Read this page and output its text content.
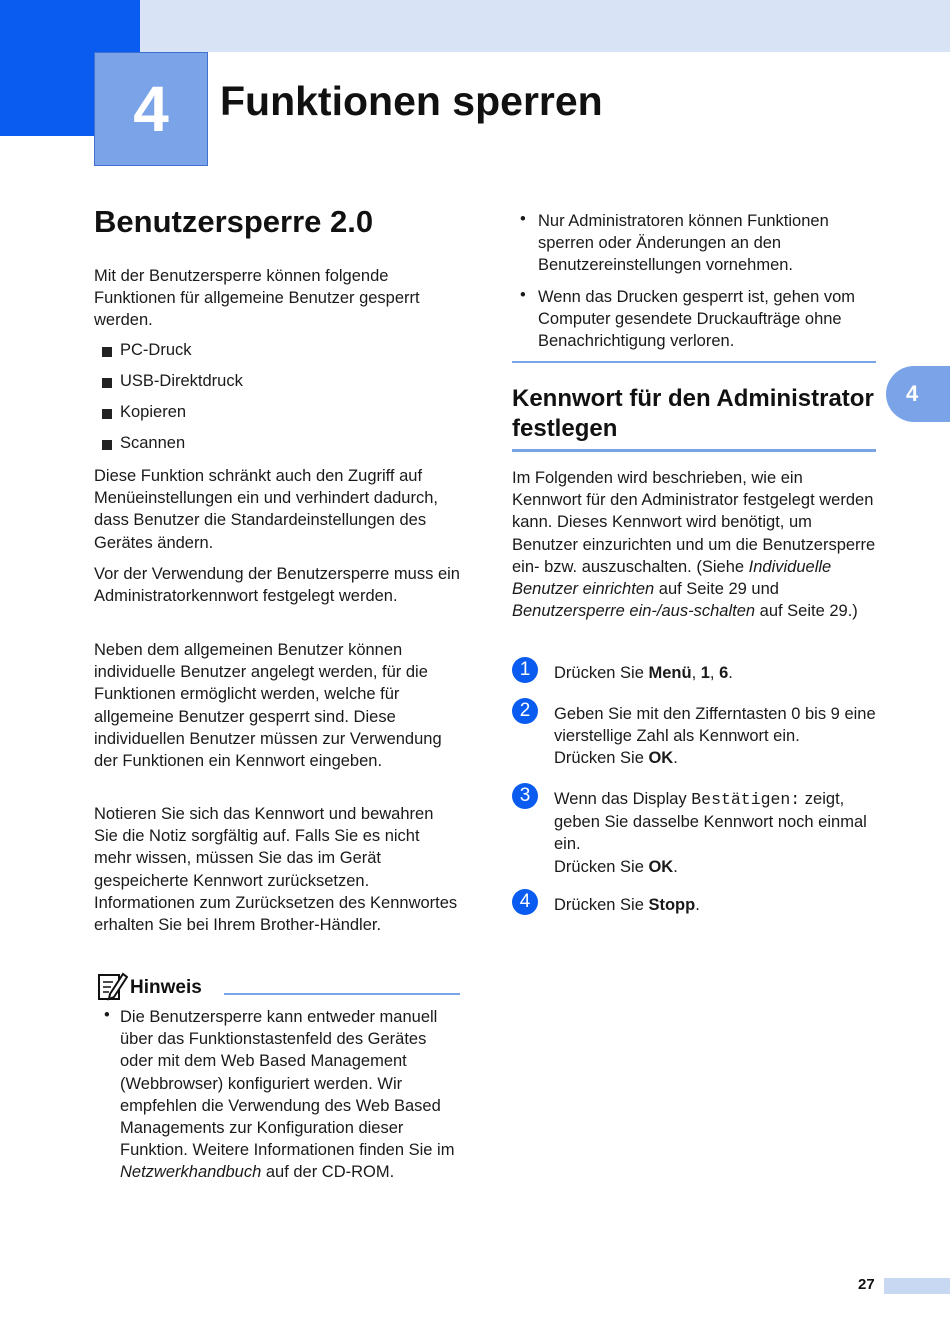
4	Funktionen sperren
4
Benutzersperre 2.0

Mit der Benutzersperre können folgende Funktionen für allgemeine Benutzer gesperrt werden.

PC-Druck
USB-Direktdruck
Kopieren
Scannen

Diese Funktion schränkt auch den Zugriff auf Menüeinstellungen ein und verhindert dadurch, dass Benutzer die Standardeinstellungen des Gerätes ändern.

Vor der Verwendung der Benutzersperre muss ein Administratorkennwort festgelegt werden.

Neben dem allgemeinen Benutzer können individuelle Benutzer angelegt werden, für die Funktionen ermöglicht werden, welche für allgemeine Benutzer gesperrt sind. Diese individuellen Benutzer müssen zur Verwendung der Funktionen ein Kennwort eingeben.

Notieren Sie sich das Kennwort und bewahren Sie die Notiz sorgfältig auf. Falls Sie es nicht mehr wissen, müssen Sie das im Gerät gespeicherte Kennwort zurücksetzen. Informationen zum Zurücksetzen des Kennwortes erhalten Sie bei Ihrem Brother-Händler.

Hinweis
• Die Benutzersperre kann entweder manuell über das Funktionstastenfeld des Gerätes oder mit dem Web Based Management (Webbrowser) konfiguriert werden. Wir empfehlen die Verwendung des Web Based Managements zur Konfiguration dieser Funktion. Weitere Informationen finden Sie im Netzwerkhandbuch auf der CD-ROM.

• Nur Administratoren können Funktionen sperren oder Änderungen an den Benutzereinstellungen vornehmen.

• Wenn das Drucken gesperrt ist, gehen vom Computer gesendete Druckaufträge ohne Benachrichtigung verloren.

Kennwort für den Administrator festlegen

Im Folgenden wird beschrieben, wie ein Kennwort für den Administrator festgelegt werden kann. Dieses Kennwort wird benötigt, um Benutzer einzurichten und um die Benutzersperre ein- bzw. auszuschalten. (Siehe Individuelle Benutzer einrichten auf Seite 29 und Benutzersperre ein-/aus-schalten auf Seite 29.)

1	Drücken Sie Menü, 1, 6.

2	Geben Sie mit den Zifferntasten 0 bis 9 eine vierstellige Zahl als Kennwort ein.
Drücken Sie OK.

3	Wenn das Display Bestätigen: zeigt, geben Sie dasselbe Kennwort noch einmal ein.
Drücken Sie OK.

4	Drücken Sie Stopp.

27
